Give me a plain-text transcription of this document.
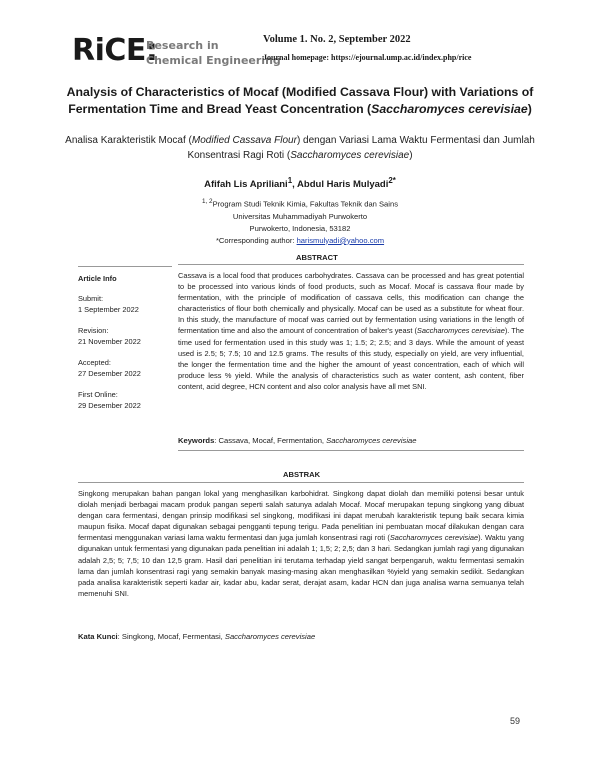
RiCE:
Research in
Chemical Engineering
Volume 1. No. 2, September 2022
Journal homepage: https://ejournal.ump.ac.id/index.php/rice
Analysis of Characteristics of Mocaf (Modified Cassava Flour) with Variations of Fermentation Time and Bread Yeast Concentration (Saccharomyces cerevisiae)
Analisa Karakteristik Mocaf (Modified Cassava Flour) dengan Variasi Lama Waktu Fermentasi dan Jumlah Konsentrasi Ragi Roti (Saccharomyces cerevisiae)
Afifah Lis Apriliani$^1$, Abdul Haris Mulyadi$^{2*}$
$^{1, 2}$Program Studi Teknik Kimia, Fakultas Teknik dan Sains
Universitas Muhammadiyah Purwokerto
Purwokerto, Indonesia, 53182
*Corresponding author: harismulyadi@yahoo.com
ABSTRACT
Article Info
Submit:
1 September 2022
Revision:
21 November 2022
Accepted:
27 Desember 2022
First Online:
29 Desember 2022
Cassava is a local food that produces carbohydrates. Cassava can be processed and has great potential to be processed into various kinds of food products, such as Mocaf. Mocaf is cassava flour made by fermentation, with the principle of modification of cassava cells, this modification can change the characteristics of flour both chemically and physically. Mocaf can be used as a substitute for wheat flour. In this study, the manufacture of mocaf was carried out by fermentation using variations in the length of fermentation time and also the amount of concentration of baker's yeast (Saccharomyces cerevisiae). The time used for fermentation used in this study was 1; 1.5; 2; 2.5; and 3 days. While the amount of yeast used is 2.5; 5; 7.5; 10 and 12.5 grams. The results of this study, especially on yield, are very influential, the longer the fermentation time and the higher the amount of yeast concentration, each of which will produce less % yield. While the analysis of characteristics such as water content, ash content, fiber content, acid degree, HCN content and also color analysis have all met SNI.
Keywords: Cassava, Mocaf, Fermentation, Saccharomyces cerevisiae
ABSTRAK
Singkong merupakan bahan pangan lokal yang menghasilkan karbohidrat. Singkong dapat diolah dan memiliki potensi besar untuk diolah menjadi berbagai macam produk pangan seperti salah satunya adalah Mocaf. Mocaf merupakan tepung singkong yang dibuat dengan cara fermentasi, dengan prinsip modifikasi sel singkong, modifikasi ini dapat merubah karakteristik tepung baik secara kimia maupun fisika. Mocaf dapat digunakan sebagai pengganti tepung terigu. Pada penelitian ini pembuatan mocaf dilakukan dengan cara fermentasi menggunakan variasi lama waktu fermentasi dan juga jumlah konsentrasi ragi roti (Saccharomyces cerevisiae). Waktu yang digunakan untuk fermentasi yang digunakan pada penelitian ini adalah 1; 1,5; 2; 2,5; dan 3 hari. Sedangkan jumlah ragi yang digunakan adalah 2,5; 5; 7,5; 10 dan 12,5 gram. Hasil dari penelitian ini terutama terhadap yield sangat berpengaruh, waktu fermentasi semakin lama dan jumlah konsentrasi ragi yang semakin banyak masing-masing akan menghasilkan %yield yang semakin sedikit. Sedangkan pada analisa karakteristik seperti kadar air, kadar abu, kadar serat, derajat asam, kadar HCN dan juga analisa warna semuanya telah memenuhi SNI.
Kata Kunci: Singkong, Mocaf, Fermentasi, Saccharomyces cerevisiae
59
